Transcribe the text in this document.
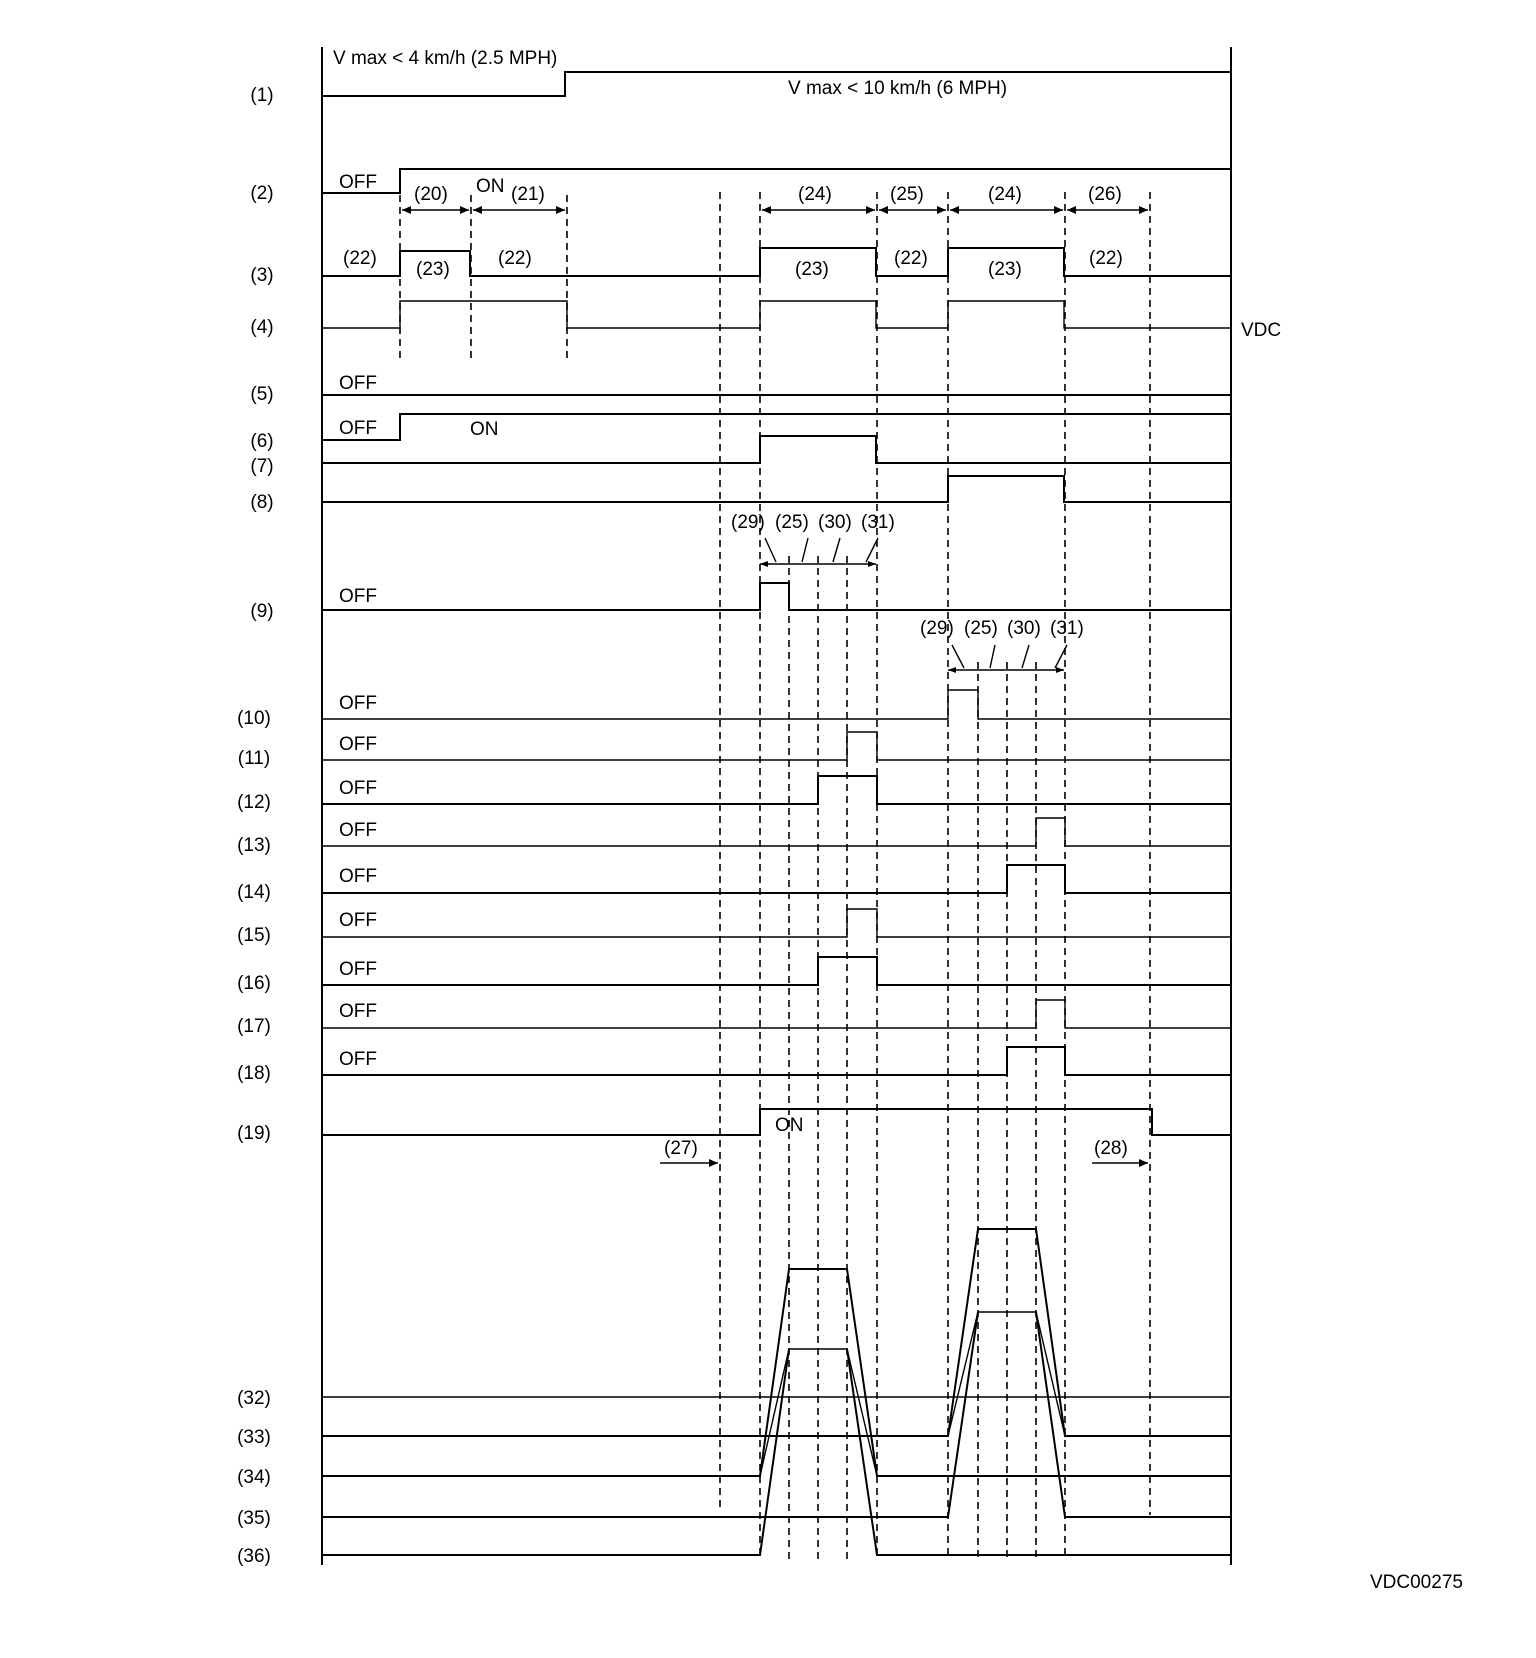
(1)
(2)
(3)
(4)
(5)
(6)
(7)
(8)
(9)
(10)
(11)
(12)
(13)
(14)
(15)
(16)
(17)
(18)
(19)
(32)
(33)
(34)
(35)
(36)
V max < 4 km/h (2.5 MPH)
V max < 10 km/h (6 MPH)
OFF	ON
(20)	(21)	(24)	(25)	(24)	(26)
(22)
(23)
(22)
(23)
(22)
(23)
(22)
VDC
OFF
OFF	ON
(29) (25) (30) (31)
OFF
(29) (25) (30) (31)
OFF
OFF
OFF
OFF
OFF
OFF
OFF
OFF
OFF
ON
(27)	(28)
VDC00275
